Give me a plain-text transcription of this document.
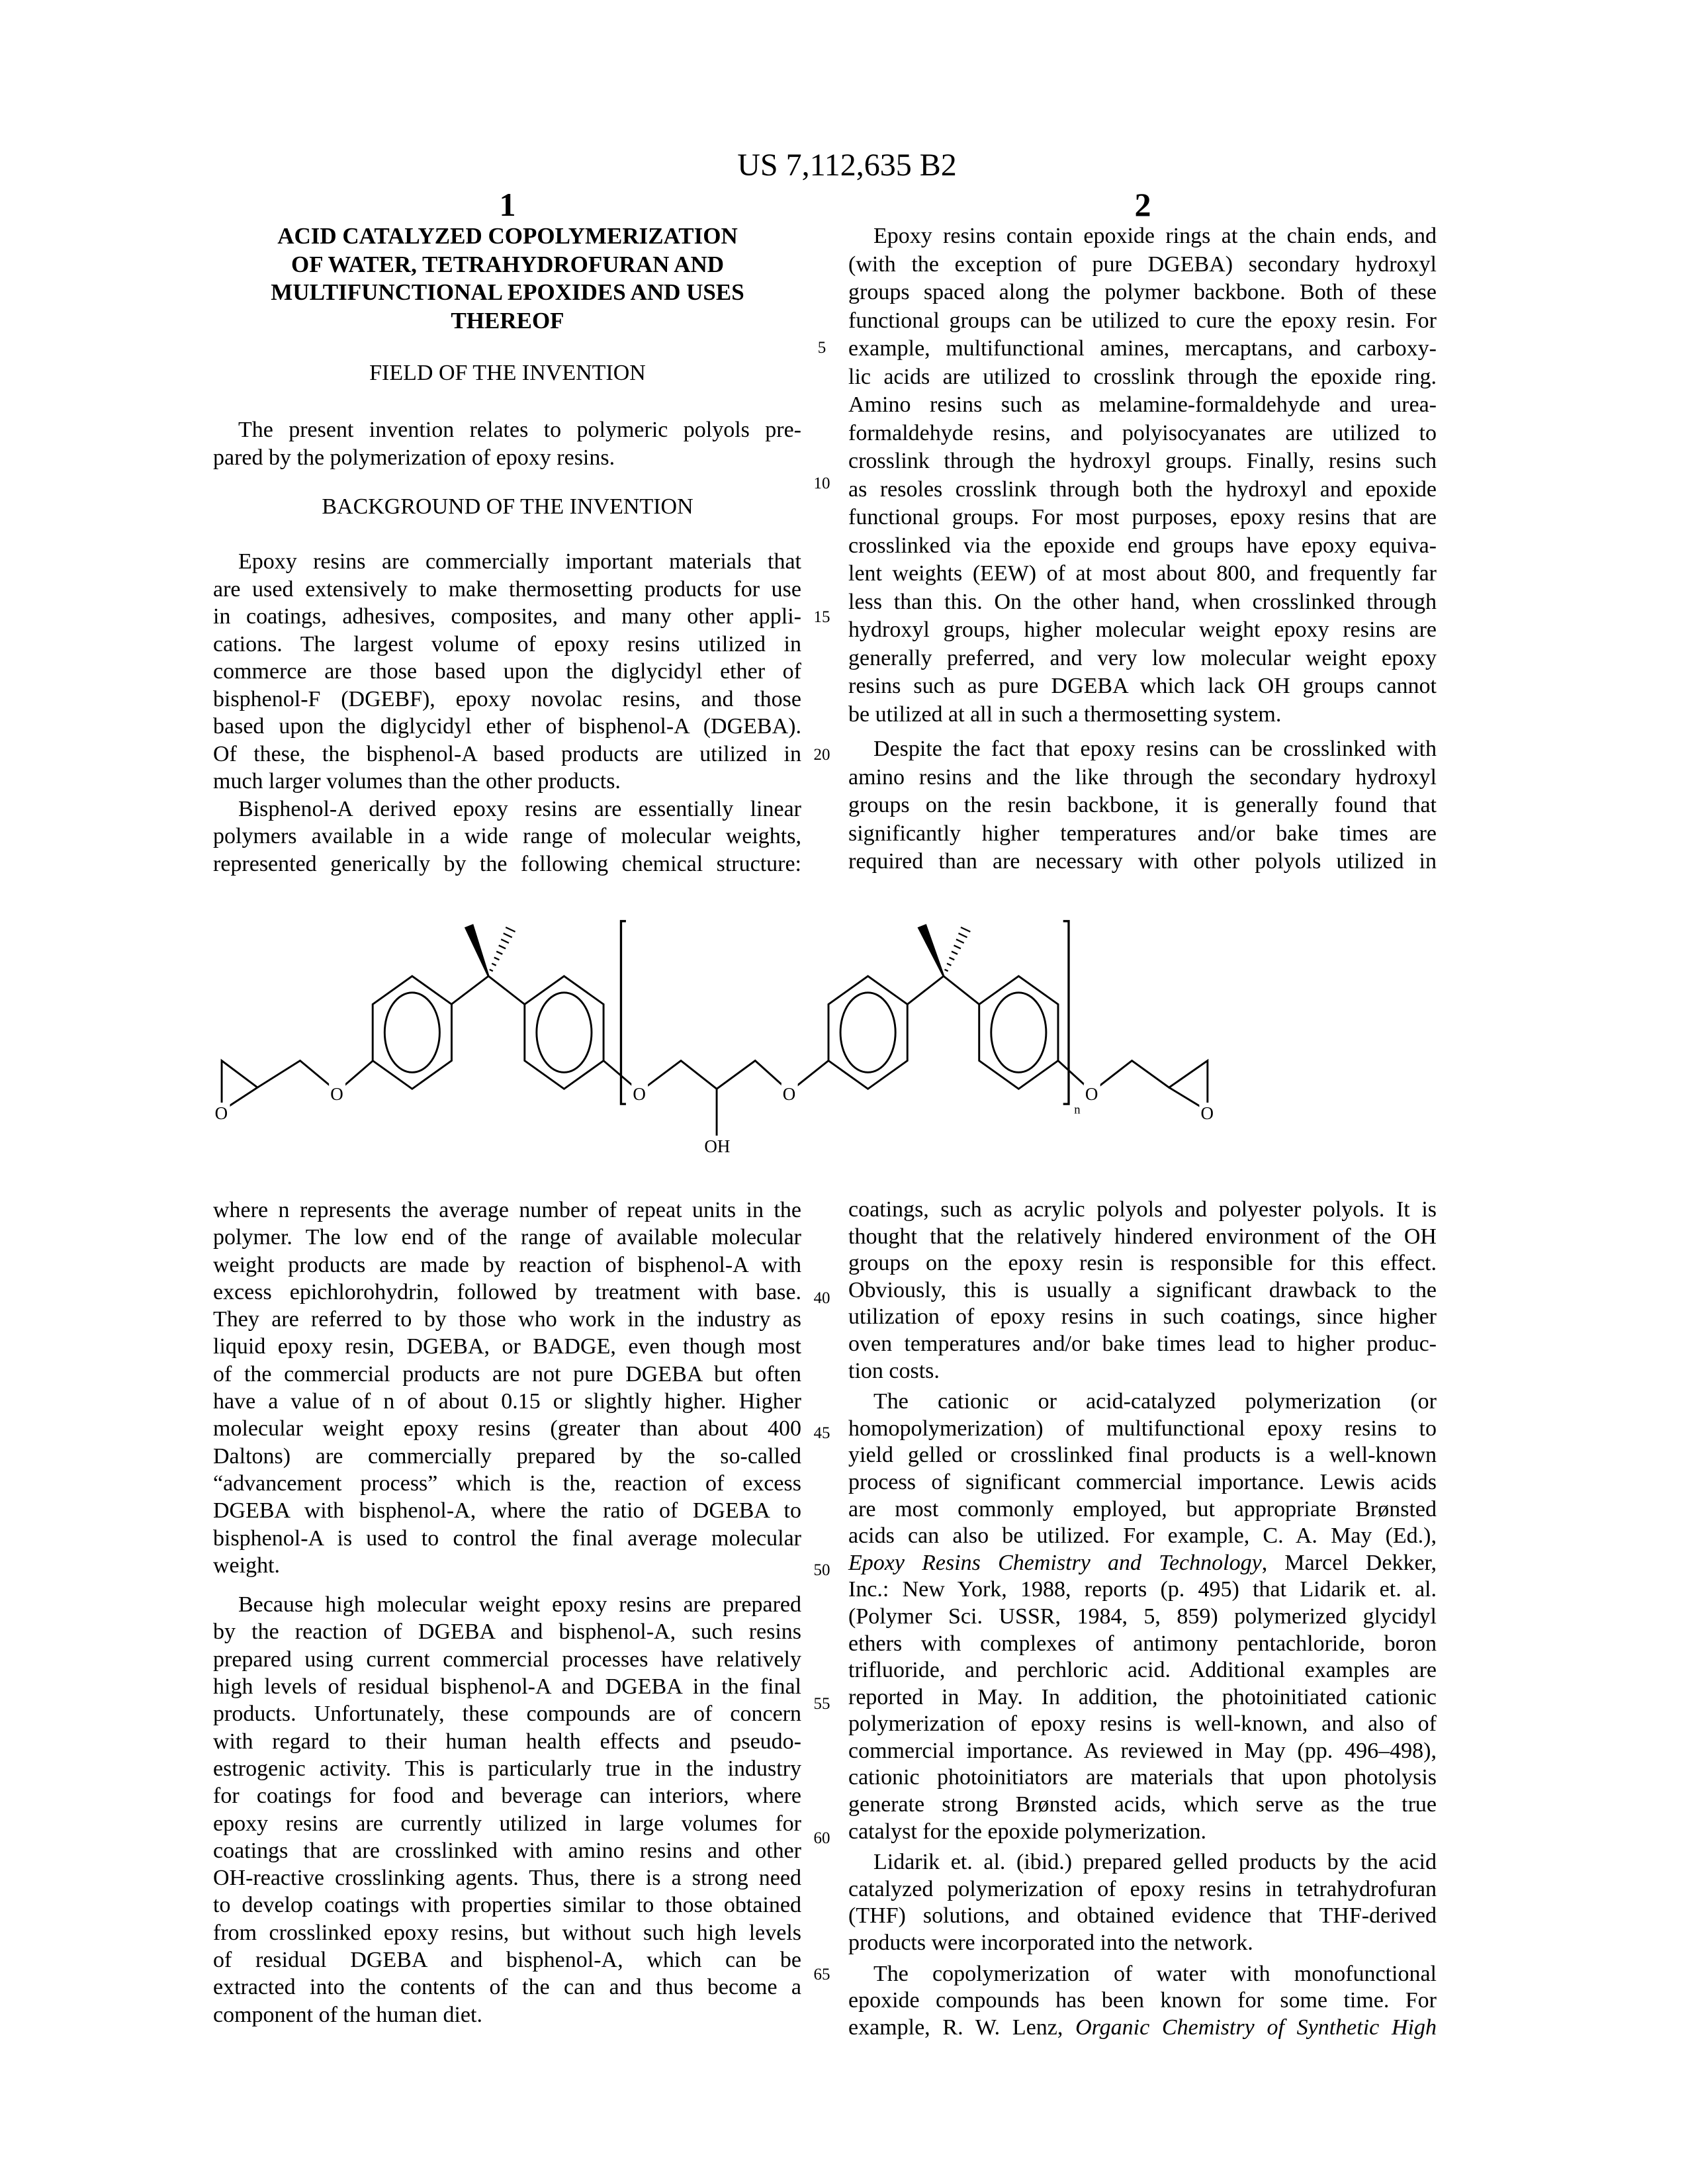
US 7,112,635 B2
1	2
ACID CATALYZED COPOLYMERIZATION
OF WATER, TETRAHYDROFURAN AND
MULTIFUNCTIONAL EPOXIDES AND USES
THEREOF
FIELD OF THE INVENTION
BACKGROUND OF THE INVENTION
The present invention relates to polymeric polyols pre-
pared by the polymerization of epoxy resins.
Epoxy resins are commercially important materials that
are used extensively to make thermosetting products for use
in coatings, adhesives, composites, and many other appli-
cations. The largest volume of epoxy resins utilized in
commerce are those based upon the diglycidyl ether of
bisphenol-F (DGEBF), epoxy novolac resins, and those
based upon the diglycidyl ether of bisphenol-A (DGEBA).
Of these, the bisphenol-A based products are utilized in
much larger volumes than the other products.
Bisphenol-A derived epoxy resins are essentially linear
polymers available in a wide range of molecular weights,
represented generically by the following chemical structure:
Epoxy resins contain epoxide rings at the chain ends, and
(with the exception of pure DGEBA) secondary hydroxyl
groups spaced along the polymer backbone. Both of these
functional groups can be utilized to cure the epoxy resin. For
example, multifunctional amines, mercaptans, and carboxy-
lic acids are utilized to crosslink through the epoxide ring.
Amino resins such as melamine-formaldehyde and urea-
formaldehyde resins, and polyisocyanates are utilized to
crosslink through the hydroxyl groups. Finally, resins such
as resoles crosslink through both the hydroxyl and epoxide
functional groups. For most purposes, epoxy resins that are
crosslinked via the epoxide end groups have epoxy equiva-
lent weights (EEW) of at most about 800, and frequently far
less than this. On the other hand, when crosslinked through
hydroxyl groups, higher molecular weight epoxy resins are
generally preferred, and very low molecular weight epoxy
resins such as pure DGEBA which lack OH groups cannot
be utilized at all in such a thermosetting system.
Despite the fact that epoxy resins can be crosslinked with
amino resins and the like through the secondary hydroxyl
groups on the resin backbone, it is generally found that
significantly higher temperatures and/or bake times are
required than are necessary with other polyols utilized in
where n represents the average number of repeat units in the
polymer. The low end of the range of available molecular
weight products are made by reaction of bisphenol-A with
excess epichlorohydrin, followed by treatment with base.
They are referred to by those who work in the industry as
liquid epoxy resin, DGEBA, or BADGE, even though most
of the commercial products are not pure DGEBA but often
have a value of n of about 0.15 or slightly higher. Higher
molecular weight epoxy resins (greater than about 400
Daltons) are commercially prepared by the so-called
“advancement process” which is the, reaction of excess
DGEBA with bisphenol-A, where the ratio of DGEBA to
bisphenol-A is used to control the final average molecular
weight.
Because high molecular weight epoxy resins are prepared
by the reaction of DGEBA and bisphenol-A, such resins
prepared using current commercial processes have relatively
high levels of residual bisphenol-A and DGEBA in the final
products. Unfortunately, these compounds are of concern
with regard to their human health effects and pseudo-
estrogenic activity. This is particularly true in the industry
for coatings for food and beverage can interiors, where
epoxy resins are currently utilized in large volumes for
coatings that are crosslinked with amino resins and other
OH-reactive crosslinking agents. Thus, there is a strong need
to develop coatings with properties similar to those obtained
from crosslinked epoxy resins, but without such high levels
of residual DGEBA and bisphenol-A, which can be
extracted into the contents of the can and thus become a
component of the human diet.
coatings, such as acrylic polyols and polyester polyols. It is
thought that the relatively hindered environment of the OH
groups on the epoxy resin is responsible for this effect.
Obviously, this is usually a significant drawback to the
utilization of epoxy resins in such coatings, since higher
oven temperatures and/or bake times lead to higher produc-
tion costs.
The cationic or acid-catalyzed polymerization (or
homopolymerization) of multifunctional epoxy resins to
yield gelled or crosslinked final products is a well-known
process of significant commercial importance. Lewis acids
are most commonly employed, but appropriate Brønsted
acids can also be utilized. For example, C. A. May (Ed.),
Epoxy Resins Chemistry and Technology, Marcel Dekker,
Inc.: New York, 1988, reports (p. 495) that Lidarik et. al.
(Polymer Sci. USSR, 1984, 5, 859) polymerized glycidyl
ethers with complexes of antimony pentachloride, boron
trifluoride, and perchloric acid. Additional examples are
reported in May. In addition, the photoinitiated cationic
polymerization of epoxy resins is well-known, and also of
commercial importance. As reviewed in May (pp. 496–498),
cationic photoinitiators are materials that upon photolysis
generate strong Brønsted acids, which serve as the true
catalyst for the epoxide polymerization.
Lidarik et. al. (ibid.) prepared gelled products by the acid
catalyzed polymerization of epoxy resins in tetrahydrofuran
(THF) solutions, and obtained evidence that THF-derived
products were incorporated into the network.
The copolymerization of water with monofunctional
epoxide compounds has been known for some time. For
example, R. W. Lenz, Organic Chemistry of Synthetic High
5
10
15
20
40
45
50
55
60
65
O
O	O	O	O
O
OH
n
